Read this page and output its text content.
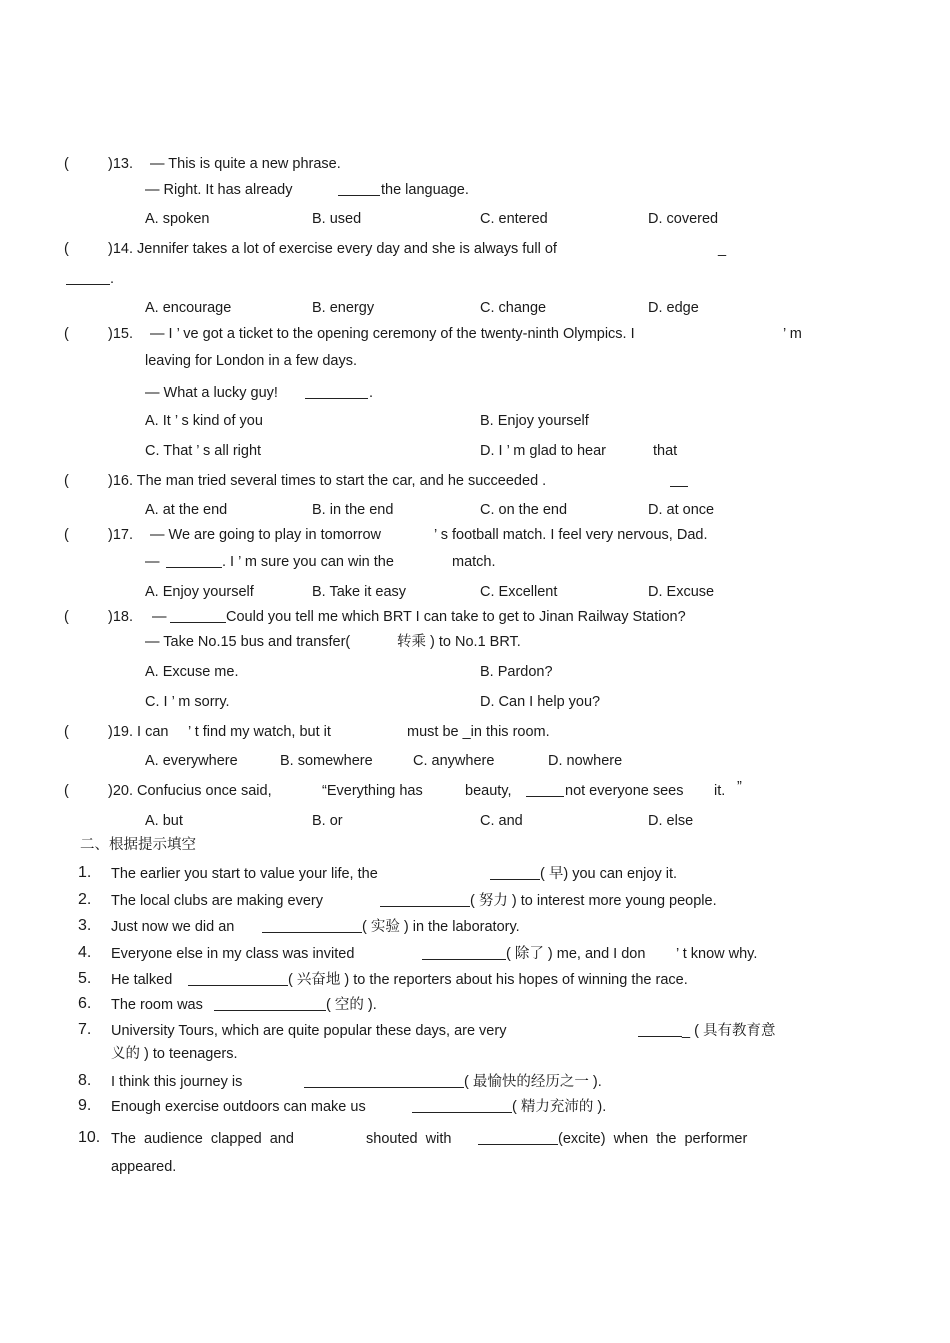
(	)13. — This is quite a new phrase.
— Right. It has already	the language.
A. spoken	B. used	C. entered	D. covered
(	)14. Jennifer takes a lot of exercise every day and she is always full of	_
.
A. encourage	B. energy	C. change	D. edge
(	)15. — I ’ ve got a ticket to the opening ceremony of the twenty-ninth Olympics. I	’ m
leaving for London in a few days.
— What a lucky guy!	.
A. It ’ s kind of you	B. Enjoy yourself
C. That ’ s all right	D. I ’ m glad to hear	that
(	)16. The man tried several times to start the car, and he succeeded .
A. at the end	B. in the end	C. on the end	D. at once
(	)17. — We are going to play in tomorrow	’ s football match. I feel very nervous, Dad.
—	. I ’ m sure you can win the	match.
A. Enjoy yourself	B. Take it easy	C. Excellent	D. Excuse
(	)18. —	Could you tell me which BRT I can take to get to Jinan Railway Station?
— Take No.15 bus and transfer(	转乘 ) to No.1 BRT.
A. Excuse me.	B. Pardon?
C. I ’ m sorry.	D. Can I help you?
(	)19. I can ’ t find my watch, but it	must be _in this room.
A. everywhere	B. somewhere	C. anywhere	D. nowhere
(	)20. Confucius once said,	“Everything has	beauty,	not everyone sees it. ”
A. but	B. or	C. and	D. else
二、根据提示填空
1. The earlier you start to value your life, the	( 早) you can enjoy it.
2. The local clubs are making every	( 努力 ) to interest more young people.
3. Just now we did an	( 实验 ) in the laboratory.
4. Everyone else in my class was invited	( 除了 ) me, and I don ’ t know why.
5. He talked	( 兴奋地 ) to the reporters about his hopes of winning the race.
6. The room was	( 空的 ).
7. University Tours, which are quite popular these days, are very	_ ( 具有教育意
义的 ) to teenagers.
8. I think this journey is	( 最愉快的经历之一 ).
9. Enough exercise outdoors can make us	( 精力充沛的 ).
10. The audience clapped and	shouted with	(excite) when the performer
appeared.
